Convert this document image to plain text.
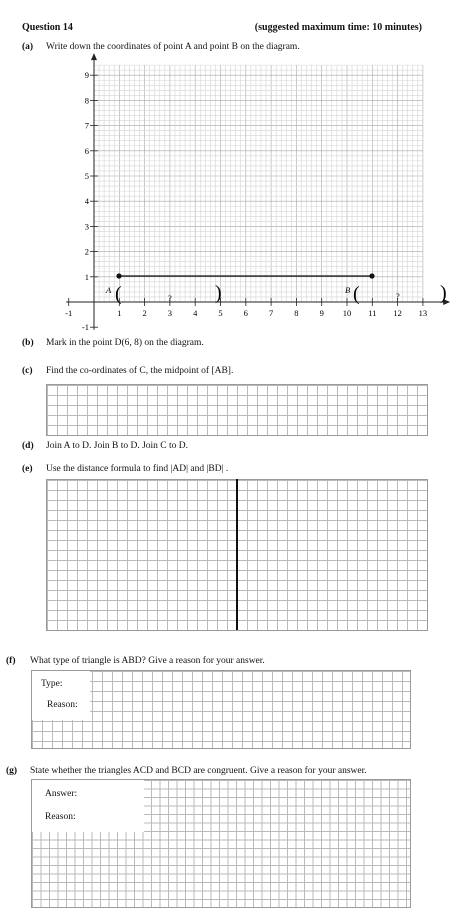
Question 14	(suggested maximum time: 10 minutes)
(a) Write down the coordinates of point A and point B on the diagram.
-1	1 2 3 4 5 6 7 8 9 10 11 12 13
-1
1
2
3
4
5
6
7
8
9
A	B
(	? )	(	? )
(b) Mark in the point D(6, 8) on the diagram.
(c) Find the co-ordinates of C, the midpoint of [AB].
(d) Join A to D. Join B to D. Join C to D.
(e) Use the distance formula to find |AD| and |BD| .
(f) What type of triangle is ABD? Give a reason for your answer.
Type:
Reason:
(g) State whether the triangles ACD and BCD are congruent. Give a reason for your answer.
Answer:
Reason:
